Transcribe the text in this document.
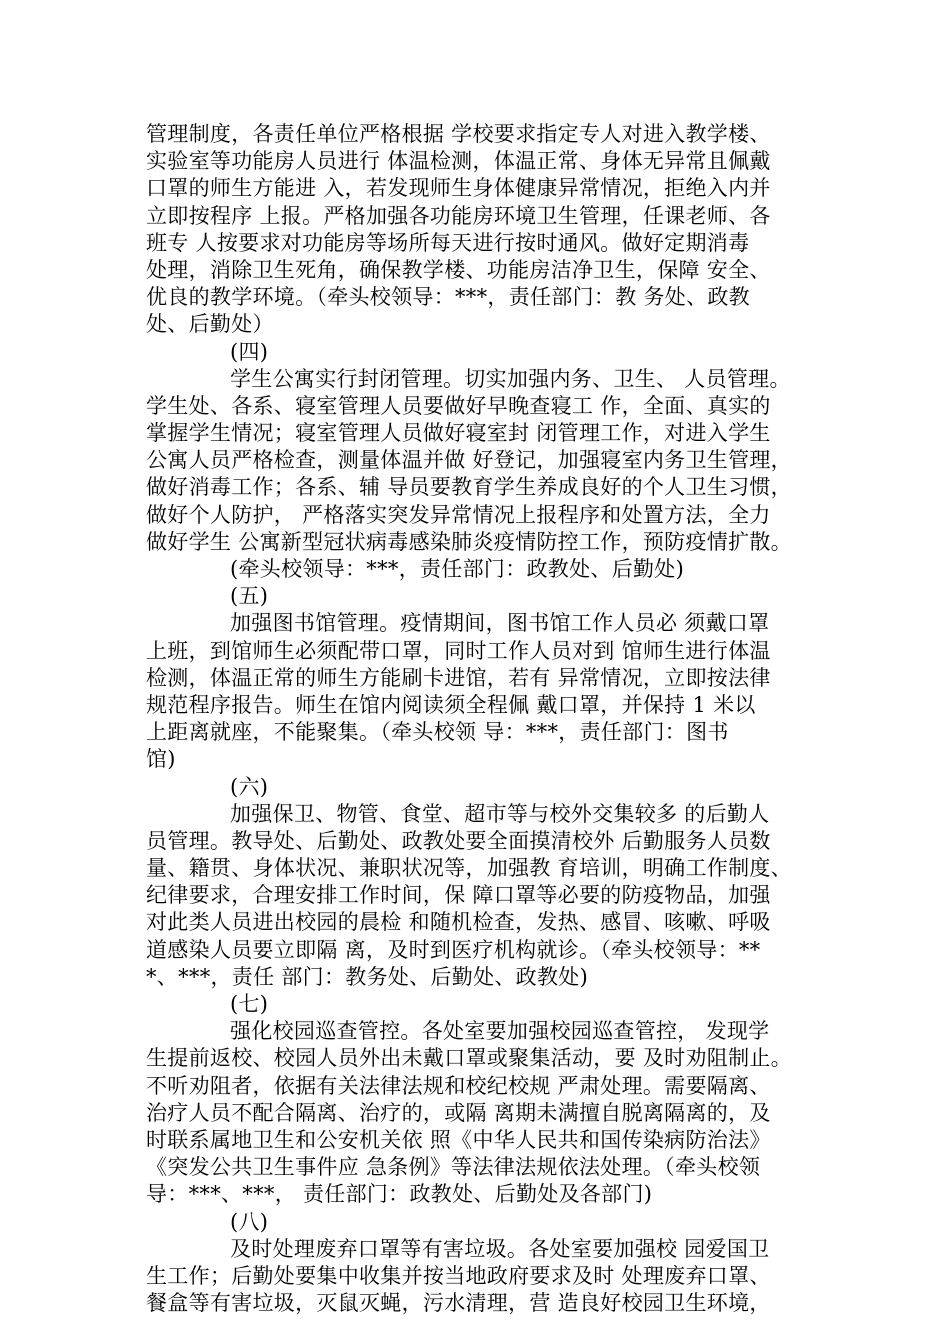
管理制度，各责任单位严格根据 学校要求指定专人对进入教学楼、
实验室等功能房人员进行 体温检测，体温正常、身体无异常且佩戴
口罩的师生方能进 入，若发现师生身体健康异常情况，拒绝入内并
立即按程序 上报。严格加强各功能房环境卫生管理，任课老师、各
班专 人按要求对功能房等场所每天进行按时通风。做好定期消毒
处理，消除卫生死角，确保教学楼、功能房洁净卫生，保障 安全、
优良的教学环境。（牵头校领导：***，责任部门：教 务处、政教
处、后勤处）
(四)
学生公寓实行封闭管理。切实加强内务、卫生、 人员管理。
学生处、各系、寝室管理人员要做好早晚查寝工 作，全面、真实的
掌握学生情况；寝室管理人员做好寝室封 闭管理工作，对进入学生
公寓人员严格检查，测量体温并做 好登记，加强寝室内务卫生管理，
做好消毒工作；各系、辅 导员要教育学生养成良好的个人卫生习惯，
做好个人防护， 严格落实突发异常情况上报程序和处置方法，全力
做好学生 公寓新型冠状病毒感染肺炎疫情防控工作，预防疫情扩散。
(牵头校领导：***，责任部门：政教处、后勤处)
(五)
加强图书馆管理。疫情期间，图书馆工作人员必 须戴口罩
上班，到馆师生必须配带口罩，同时工作人员对到 馆师生进行体温
检测，体温正常的师生方能刷卡进馆，若有 异常情况，立即按法律
规范程序报告。师生在馆内阅读须全程佩 戴口罩，并保持 1 米以
上距离就座，不能聚集。（牵头校领 导：***，责任部门：图书
馆)
(六)
加强保卫、物管、食堂、超市等与校外交集较多 的后勤人
员管理。教导处、后勤处、政教处要全面摸清校外 后勤服务人员数
量、籍贯、身体状况、兼职状况等，加强教 育培训，明确工作制度、
纪律要求，合理安排工作时间，保 障口罩等必要的防疫物品，加强
对此类人员进出校园的晨检 和随机检查，发热、感冒、咳嗽、呼吸
道感染人员要立即隔 离，及时到医疗机构就诊。（牵头校领导：**
*、***，责任 部门：教务处、后勤处、政教处)
(七)
强化校园巡查管控。各处室要加强校园巡查管控， 发现学
生提前返校、校园人员外出未戴口罩或聚集活动，要 及时劝阻制止。
不听劝阻者，依据有关法律法规和校纪校规 严肃处理。需要隔离、
治疗人员不配合隔离、治疗的，或隔 离期未满擅自脱离隔离的，及
时联系属地卫生和公安机关依 照《中华人民共和国传染病防治法》
《突发公共卫生事件应 急条例》等法律法规依法处理。（牵头校领
导：***、***， 责任部门：政教处、后勤处及各部门)
(八)
及时处理废弃口罩等有害垃圾。各处室要加强校 园爱国卫
生工作；后勤处要集中收集并按当地政府要求及时 处理废弃口罩、
餐盒等有害垃圾，灭鼠灭蝇，污水清理，营 造良好校园卫生环境，
